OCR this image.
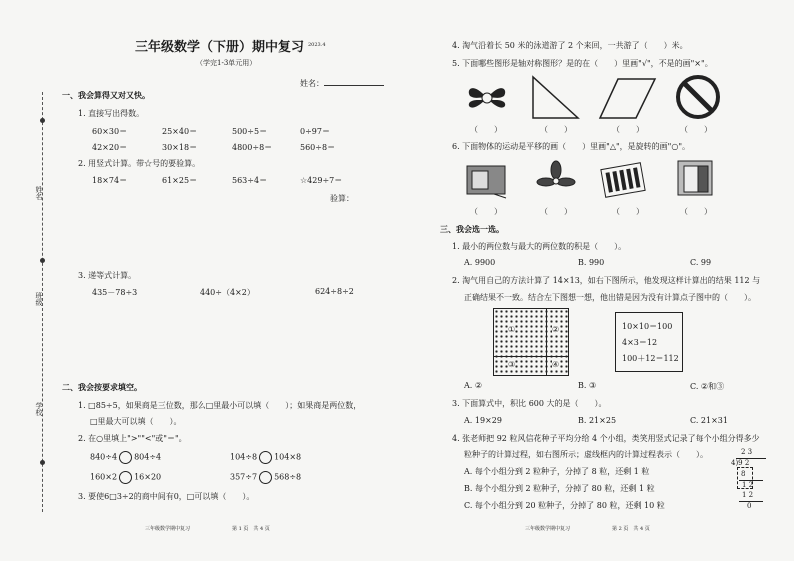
学校
班级
姓名
三年级数学（下册）期中复习 2023.4
（学完1-3单元用）
姓名：
一、我会算得又对又快。
1. 直接写出得数。
60×30＝	25×40＝	500÷5＝	0÷97＝
42×20＝	30×18＝	4800÷8＝	560÷8＝
2. 用竖式计算。带☆号的要验算。
18×74＝	61×25＝	563÷4＝	☆429÷7＝
验算：
3. 递等式计算。
435－78÷3	440÷（4×2）	624÷8÷2
二、我会按要求填空。
1. □85÷5，如果商是三位数，那么□里最小可以填（　　）；如果商是两位数，
□里最大可以填（　　）。
2. 在○里填上">""<"或"＝"。
840÷4 804÷4	104÷8 104×8
160×2 16×20	357÷7 568÷8
3. 要使6□3÷2的商中间有0，□可以填（　　）。
三年级数学期中复习	第 1 页　共 4 页
4. 淘气沿着长 50 米的泳道游了 2 个来回，一共游了（　　）米。
5. 下面哪些图形是轴对称图形？是的在（　　）里画"√"，不是的画"×"。
（　　）	（　　）	（　　）	（　　）
6. 下面物体的运动是平移的画（　　）里画"△"，是旋转的画"○"。
（　　）	（　　）	（　　）	（　　）
三、我会选一选。
1. 最小的两位数与最大的两位数的积是（　　）。
A. 9900	B. 990	C. 99
2. 淘气用自己的方法计算了 14×13，如右下图所示，他发现这样计算出的结果 112 与
正确结果不一致。结合左下图想一想，他出错是因为没有计算点子图中的（　　）。
①	②
③	④
10×10＝100
4×3＝12
100＋12＝112
A. ②	B. ③	C. ②和③
3. 下面算式中，积比 600 大的是（　　）。
A. 19×29	B. 21×25	C. 21×31
4. 张老师把 92 粒风信花种子平均分给 4 个小组，类笑用竖式记录了每个小组分得多少
粒种子的计算过程，如右图所示；虚线框内的计算过程表示（　　）。
A. 每个小组分到 2 粒种子，分掉了 8 粒，还剩 1 粒
B. 每个小组分到 2 粒种子，分掉了 80 粒，还剩 1 粒
C. 每个小组分到 20 粒种子，分掉了 80 粒，还剩 10 粒
2 3
4)9 2
8
1 2
1 2
0
三年级数学期中复习	第 2 页　共 4 页
